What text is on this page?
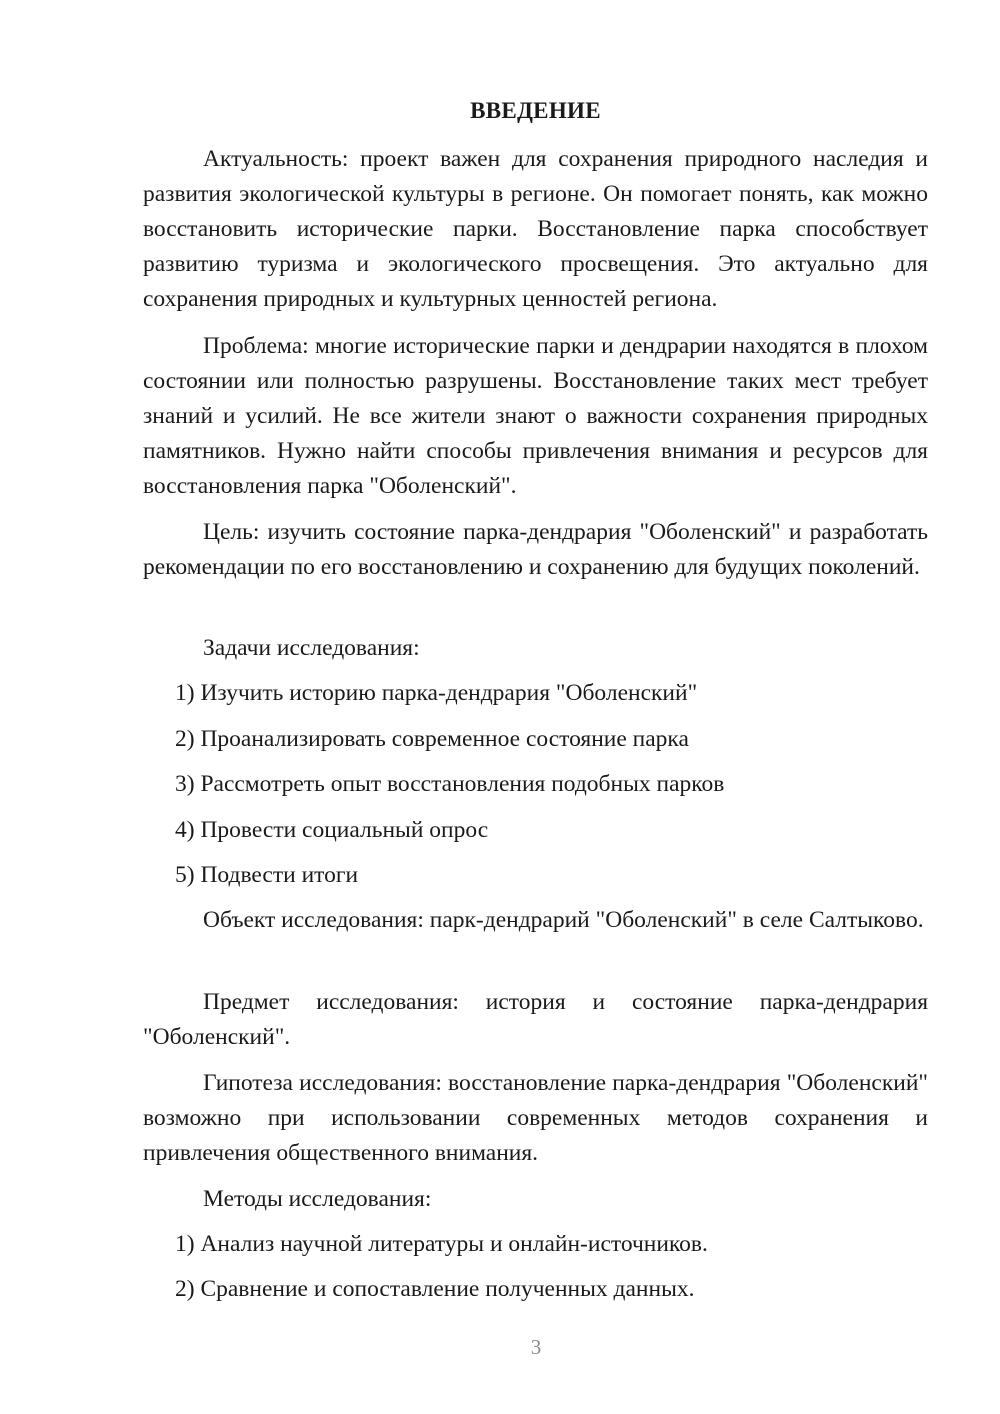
ВВЕДЕНИЕ

Актуальность: проект важен для сохранения природного наследия и развития экологической культуры в регионе. Он помогает понять, как можно восстановить исторические парки. Восстановление парка способствует развитию туризма и экологического просвещения. Это актуально для сохранения природных и культурных ценностей региона.

Проблема: многие исторические парки и дендрарии находятся в плохом состоянии или полностью разрушены. Восстановление таких мест требует знаний и усилий. Не все жители знают о важности сохранения природных памятников. Нужно найти способы привлечения внимания и ресурсов для восстановления парка "Оболенский".

Цель: изучить состояние парка-дендрария "Оболенский" и разработать рекомендации по его восстановлению и сохранению для будущих поколений.

Задачи исследования:

1) Изучить историю парка-дендрария "Оболенский"

2) Проанализировать современное состояние парка

3) Рассмотреть опыт восстановления подобных парков

4) Провести социальный опрос

5) Подвести итоги

Объект исследования: парк-дендрарий "Оболенский" в селе Салтыково.

Предмет исследования: история и состояние парка-дендрария "Оболенский".

Гипотеза исследования: восстановление парка-дендрария "Оболенский" возможно при использовании современных методов сохранения и привлечения общественного внимания.

Методы исследования:

1) Анализ научной литературы и онлайн-источников.

2) Сравнение и сопоставление полученных данных.

3
